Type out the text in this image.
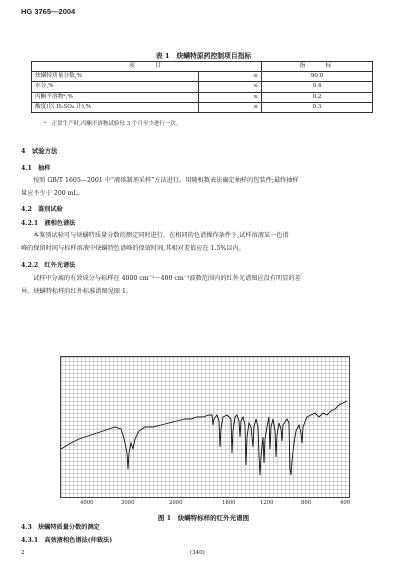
HG 3765—2004
表 1　炔螨特原药控制项目指标
项　　目		指　　标
炔螨特质量分数,%	≥	90.0
水分,%	≤	0.4
丙酮不溶物ᵃ,%	≤	0.2
酸度(以 H₂SO₄ 计),%	≤	0.3
ᵃ　正常生产时,丙酮不溶物试验每 3 个月至少进行一次。
4　试验方法
4.1　抽样
按照 GB/T 1605—2001 中“液体制剂采样”方法进行。用随机数表法确定抽样的包装件;最终抽样
量应不少于 200 mL。
4.2　鉴别试验
4.2.1　液相色谱法
本鉴别试验可与炔螨特质量分数的测定同时进行。在相同的色谱操作条件下,试样溶液某一色谱
峰的保留时间与标样溶液中炔螨特色谱峰的保留时间,其相对差值应在 1.5%以内。
4.2.2　红外光谱法
试样中分离的有效成分与标样在 4000 cm⁻¹～400 cm⁻¹波数范围内的红外光谱图应没有明显的差
异。炔螨特标样的红外标准谱图见图 1。
4000	3000	2000	1600	1200	800	400
图 1　炔螨特标样的红外光谱图
4.3　炔螨特质量分数的测定
4.3.1　高效液相色谱法(仲裁法)
2	(340)
